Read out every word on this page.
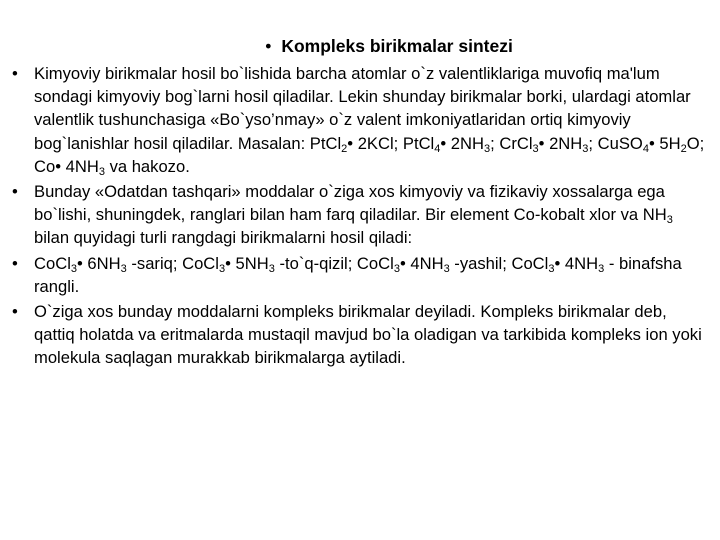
• Kompleks birikmalar sintezi
• Kimyoviy birikmalar hosil bo`lishida barcha atomlar o`z valentliklariga muvofiq ma'lum sondagi kimyoviy bog`larni hosil qiladilar. Lekin shunday birikmalar borki, ulardagi atomlar valentlik tushunchasiga «Bo`yso’nmay» o`z valent imkoniyatlaridan ortiq kimyoviy bog`lanishlar hosil qiladilar. Masalan: PtCl$_2$• 2KCl; PtCl$_4$• $2NH_3$; CrCl$_3$• $2NH_3$; CuSO$_4$• $5H_2O$; Co• $4NH_3$ va hakozo.
• Bunday «Odatdan tashqari» moddalar o`ziga xos kimyoviy va fizikaviy xossalarga ega bo`lishi, shuningdek, ranglari bilan ham farq qiladilar. Bir element Co-kobalt xlor va $NH_3$ bilan quyidagi turli rangdagi birikmalarni hosil qiladi:
• CoCl$_3$• $6NH_3$ -sariq; CoCl$_3$• $5NH_3$ -to`q-qizil; CoCl$_3$• $4NH_3$ -yashil; CoCl$_3$• $4NH_3$ - binafsha rangli.
• O`ziga xos bunday moddalarni kompleks birikmalar deyiladi. Kompleks birikmalar deb, qattiq holatda va eritmalarda mustaqil mavjud bo`la oladigan va tarkibida kompleks ion yoki molekula saqlagan murakkab birikmalarga aytiladi.
